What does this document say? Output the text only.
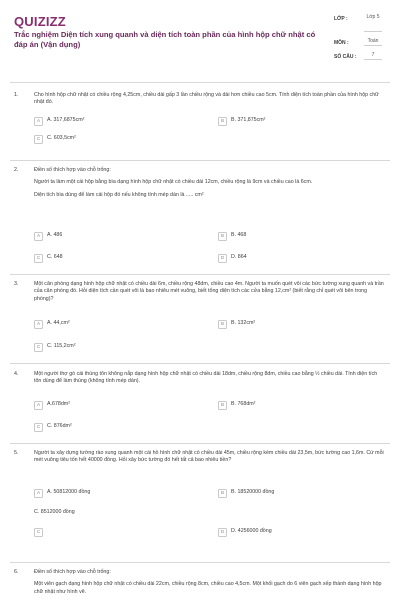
QUIZIZZ
Trắc nghiệm Diện tích xung quanh và diện tích toàn phần của hình hộp chữ nhật có đáp án (Vận dụng)
LỚP :	Lớp 5
MÔN :	Toán
SỐ CÂU :	7
1.	Cho hình hộp chữ nhật có chiều rộng 4,25cm, chiều dài gấp 3 lần chiều rộng và dài hơn chiều cao 5cm. Tính diện tích toàn phần của hình hộp chữ nhật đó.
A	A. 317,6875cm²	B	B. 371,875cm²
C	C. 603,5cm²
2.	Điền số thích hợp vào chỗ trống:
Người ta làm một cái hộp bằng bìa dạng hình hộp chữ nhật có chiều dài 12cm, chiều rộng là 9cm và chiều cao là 6cm.
Diện tích bìa dùng để làm cái hộp đó nếu không tính mép dán là ..... cm²
A	A. 486	B	B. 468
C	C. 648	D	D. 864
3.	Một căn phòng dạng hình hộp chữ nhật có chiều dài 6m, chiều rộng 48dm, chiều cao 4m. Người ta muốn quét vôi các bức tường xung quanh và trần của căn phòng đó. Hỏi diện tích cần quét vôi là bao nhiêu mét vuông, biết tổng diện tích các cửa bằng 12,cm² (biết rằng chỉ quét vôi bên trong phòng)?
A	A. 44,cm²	B	B. 132cm²
C	C. 115,2cm²
4.	Một người thợ gò cái thùng tôn không nắp dạng hình hộp chữ nhật có chiều dài 18dm, chiều rộng 8dm, chiều cao bằng ½ chiều dài. Tính diện tích tôn dùng để làm thùng (không tính mép dán).
A	A.678dm²	B	B. 768dm²
C	C. 876dm²
5.	Người ta xây dựng tường rào xung quanh một cái hồ hình chữ nhật có chiều dài 45m, chiều rộng kém chiều dài 23,5m, bức tường cao 1,6m. Cứ mỗi mét vuông tiêu tốn hết 40000 đồng. Hỏi xây bức tường đó hết tất cả bao nhiêu tiền?
A	A. 50812000 đồng	B	B. 18520000 đồng
C. 8512000 đồng
C	D	D. 4256000 đồng
6.	Điền số thích hợp vào chỗ trống:
Một viên gạch dạng hình hộp chữ nhật có chiều dài 22cm, chiều rộng 8cm, chiều cao 4,5cm. Một khối gạch do 6 viên gạch xếp thành dạng hình hộp chữ nhật như hình vẽ.
